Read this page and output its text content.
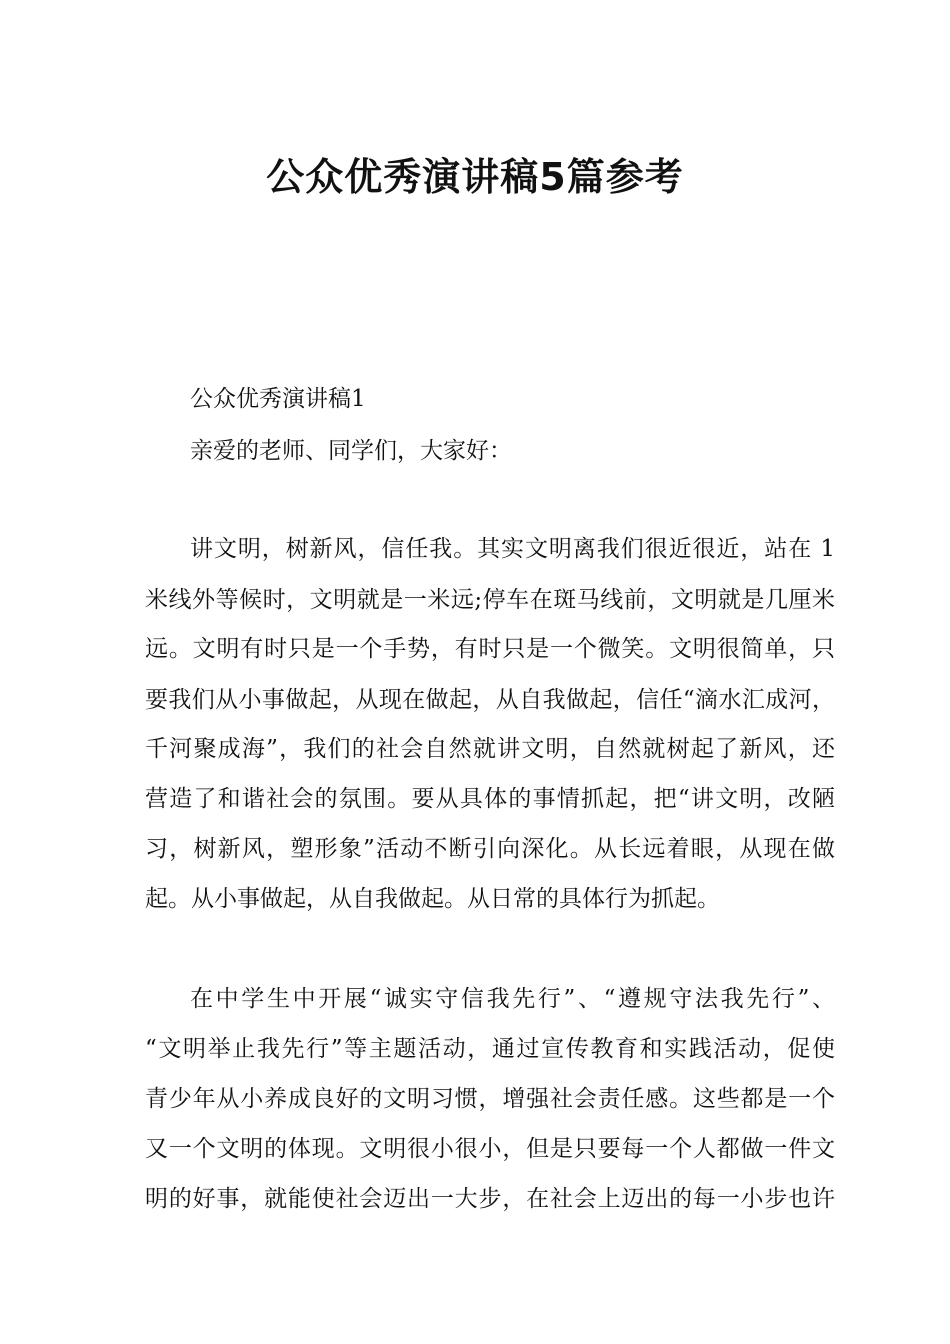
公众优秀演讲稿5篇参考

公众优秀演讲稿1

亲爱的老师、同学们，大家好：

讲文明，树新风，信任我。其实文明离我们很近很近，站在 1

米线外等候时，文明就是一米远;停车在斑马线前，文明就是几厘米

远。文明有时只是一个手势，有时只是一个微笑。文明很简单，只

要我们从小事做起，从现在做起，从自我做起，信任“滴水汇成河，

千河聚成海”，我们的社会自然就讲文明，自然就树起了新风，还

营造了和谐社会的氛围。要从具体的事情抓起，把“讲文明，改陋

习，树新风，塑形象”活动不断引向深化。从长远着眼，从现在做

起。从小事做起，从自我做起。从日常的具体行为抓起。

在中学生中开展“诚实守信我先行”、“遵规守法我先行”、

“文明举止我先行”等主题活动，通过宣传教育和实践活动，促使

青少年从小养成良好的文明习惯，增强社会责任感。这些都是一个

又一个文明的体现。文明很小很小，但是只要每一个人都做一件文

明的好事，就能使社会迈出一大步，在社会上迈出的每一小步也许
